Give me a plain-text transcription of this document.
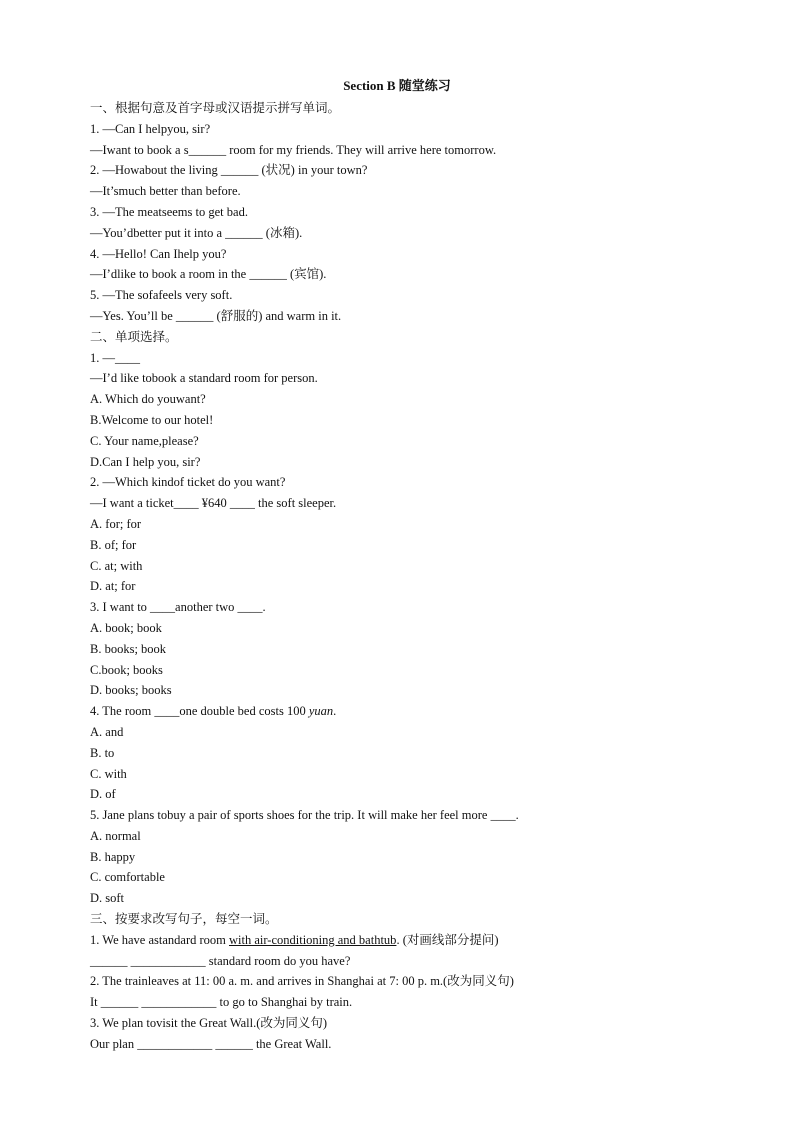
Section B 随堂练习
一、根据句意及首字母或汉语提示拼写单词。
1. —Can I helpyou, sir?
—Iwant to book a s______ room for my friends. They will arrive here tomorrow.
2. —Howabout the living ______ (状况) in your town?
—It’smuch better than before.
3. —The meatseems to get bad.
—You’dbetter put it into a ______ (冰箱).
4. —Hello! Can Ihelp you?
—I’dlike to book a room in the ______ (宾馆).
5. —The sofafeels very soft.
—Yes. You’ll be ______ (舒服的) and warm in it.
二、单项选择。
1. —____
—I’d like tobook a standard room for person.
A. Which do youwant?
B.Welcome to our hotel!
C. Your name,please?
D.Can I help you, sir?
2. —Which kindof ticket do you want?
—I want a ticket____ ¥640 ____ the soft sleeper.
A. for; for
B. of; for
C. at; with
D. at; for
3. I want to ____another two ____.
A. book; book
B. books; book
C.book; books
D. books; books
4. The room ____one double bed costs 100 yuan.
A. and
B. to
C. with
D. of
5. Jane plans tobuy a pair of sports shoes for the trip. It will make her feel more ____.
A. normal
B. happy
C. comfortable
D. soft
三、按要求改写句子，每空一词。
1. We have astandard room with air-conditioning and bathtub. (对画线部分提问)
______ ____________ standard room do you have?
2. The trainleaves at 11: 00 a. m. and arrives in Shanghai at 7: 00 p. m.(改为同义句)
It ______ ____________ to go to Shanghai by train.
3. We plan tovisit the Great Wall.(改为同义句)
Our plan ____________ ______ the Great Wall.
